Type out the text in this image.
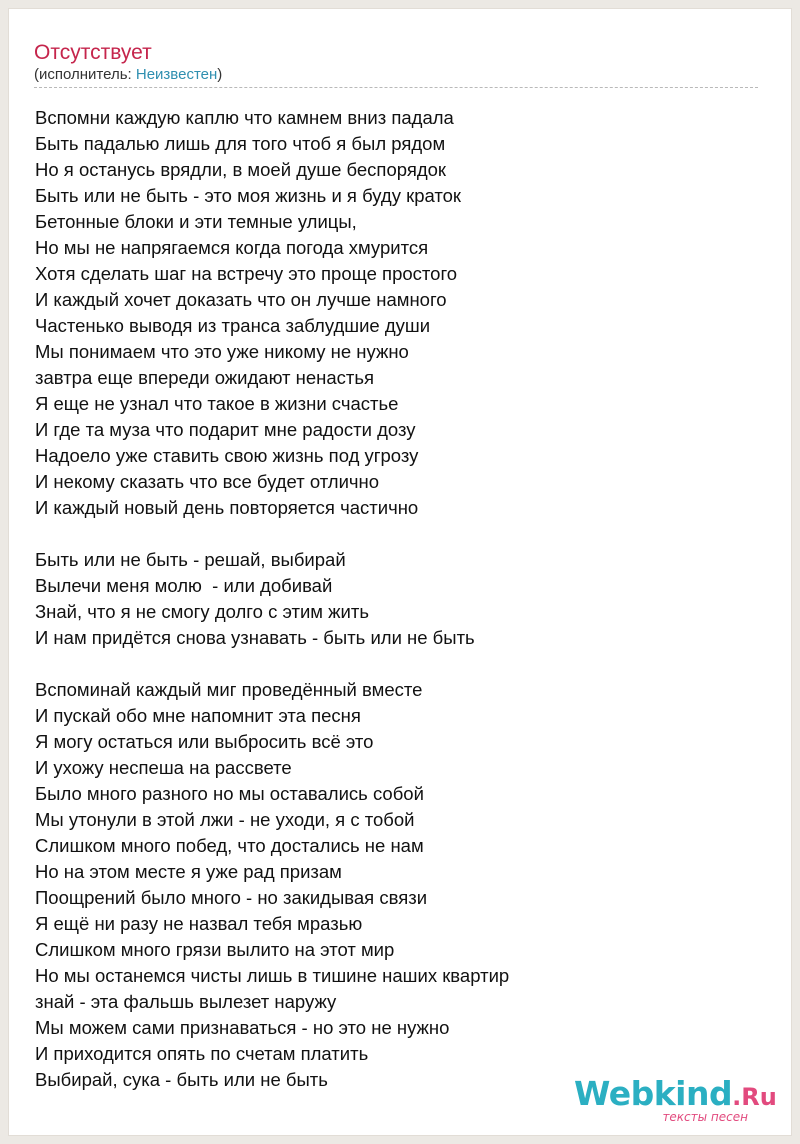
Отсутствует
(исполнитель: Неизвестен)
Вспомни каждую каплю что камнем вниз падала
Быть падалью лишь для того чтоб я был рядом
Но я останусь врядли, в моей душе беспорядок
Быть или не быть - это моя жизнь и я буду краток
Бетонные блоки и эти темные улицы,
Но мы не напрягаемся когда погода хмурится
Хотя сделать шаг на встречу это проще простого
И каждый хочет доказать что он лучше намного
Частенько выводя из транса заблудшие души
Мы понимаем что это уже никому не нужно
завтра еще впереди ожидают ненастья
Я еще не узнал что такое в жизни счастье
И где та муза что подарит мне радости дозу
Надоело уже ставить свою жизнь под угрозу
И некому сказать что все будет отлично
И каждый новый день повторяется частично
Быть или не быть - решай, выбирай
Вылечи меня молю  - или добивай
Знай, что я не смогу долго с этим жить
И нам придётся снова узнавать - быть или не быть
Вспоминай каждый миг проведённый вместе
И пускай обо мне напомнит эта песня
Я могу остаться или выбросить всё это
И ухожу неспеша на рассвете
Было много разного но мы оставались собой
Мы утонули в этой лжи - не уходи, я с тобой
Слишком много побед, что достались не нам
Но на этом месте я уже рад призам
Поощрений было много - но закидывая связи
Я ещё ни разу не назвал тебя мразью
Слишком много грязи вылито на этот мир
Но мы останемся чисты лишь в тишине наших квартир
знай - эта фальшь вылезет наружу
Мы можем сами признаваться - но это не нужно
И приходится опять по счетам платить
Выбирай, сука - быть или не быть	Webkind.Ru
тексты песен
